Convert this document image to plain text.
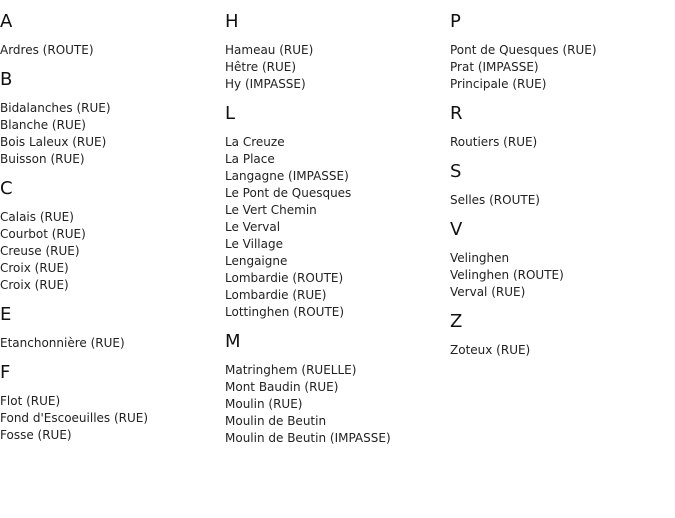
A
Ardres (ROUTE)
B
Bidalanches (RUE)
Blanche (RUE)
Bois Laleux (RUE)
Buisson (RUE)
C
Calais (RUE)
Courbot (RUE)
Creuse (RUE)
Croix (RUE)
Croix (RUE)
E
Etanchonnière (RUE)
F
Flot (RUE)
Fond d'Escoeuilles (RUE)
Fosse (RUE)
H
Hameau (RUE)
Hêtre (RUE)
Hy (IMPASSE)
L
La Creuze
La Place
Langagne (IMPASSE)
Le Pont de Quesques
Le Vert Chemin
Le Verval
Le Village
Lengaigne
Lombardie (ROUTE)
Lombardie (RUE)
Lottinghen (ROUTE)
M
Matringhem (RUELLE)
Mont Baudin (RUE)
Moulin (RUE)
Moulin de Beutin
Moulin de Beutin (IMPASSE)
P
Pont de Quesques (RUE)
Prat (IMPASSE)
Principale (RUE)
R
Routiers (RUE)
S
Selles (ROUTE)
V
Velinghen
Velinghen (ROUTE)
Verval (RUE)
Z
Zoteux (RUE)
